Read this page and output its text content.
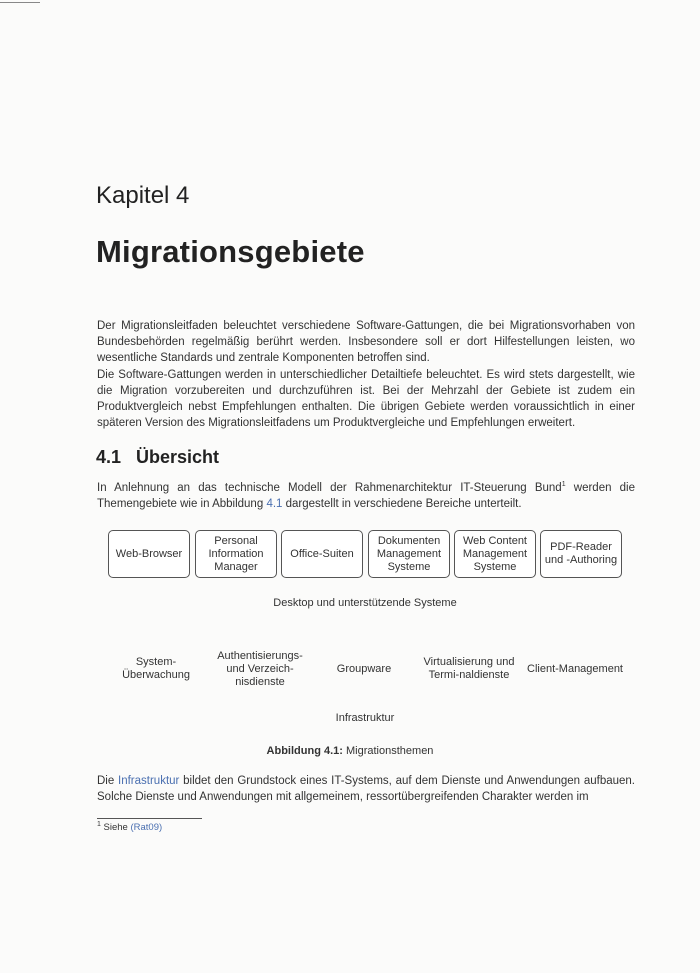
Kapitel 4
Migrationsgebiete

Der Migrationsleitfaden beleuchtet verschiedene Software-Gattungen, die bei Migrationsvorhaben von Bundesbehörden regelmäßig berührt werden. Insbesondere soll er dort Hilfestellungen leisten, wo wesentliche Standards und zentrale Komponenten betroffen sind.

Die Software-Gattungen werden in unterschiedlicher Detailtiefe beleuchtet. Es wird stets dargestellt, wie die Migration vorzubereiten und durchzuführen ist. Bei der Mehrzahl der Gebiete ist zudem ein Produktvergleich nebst Empfehlungen enthalten. Die übrigen Gebiete werden voraussichtlich in einer späteren Version des Migrationsleitfadens um Produktvergleiche und Empfehlungen erweitert.

4.1 Übersicht

In Anlehnung an das technische Modell der Rahmenarchitektur IT-Steuerung Bund$^1$ werden die Themengebiete wie in Abbildung 4.1 dargestellt in verschiedene Bereiche unterteilt.

Web-Browser
Personal Information Manager
Office-Suiten
Dokumenten Management Systeme
Web Content Management Systeme
PDF-Reader und -Authoring
Desktop und unterstützende Systeme
System-Überwachung
Authentisierungs- und Verzeich-nisdienste
Groupware
Virtualisierung und Termi-naldienste
Client-Management
Infrastruktur
Abbildung 4.1: Migrationsthemen

Die Infrastruktur bildet den Grundstock eines IT-Systems, auf dem Dienste und Anwendungen aufbauen. Solche Dienste und Anwendungen mit allgemeinem, ressortübergreifenden Charakter werden im

$^1$ Siehe (Rat09)
